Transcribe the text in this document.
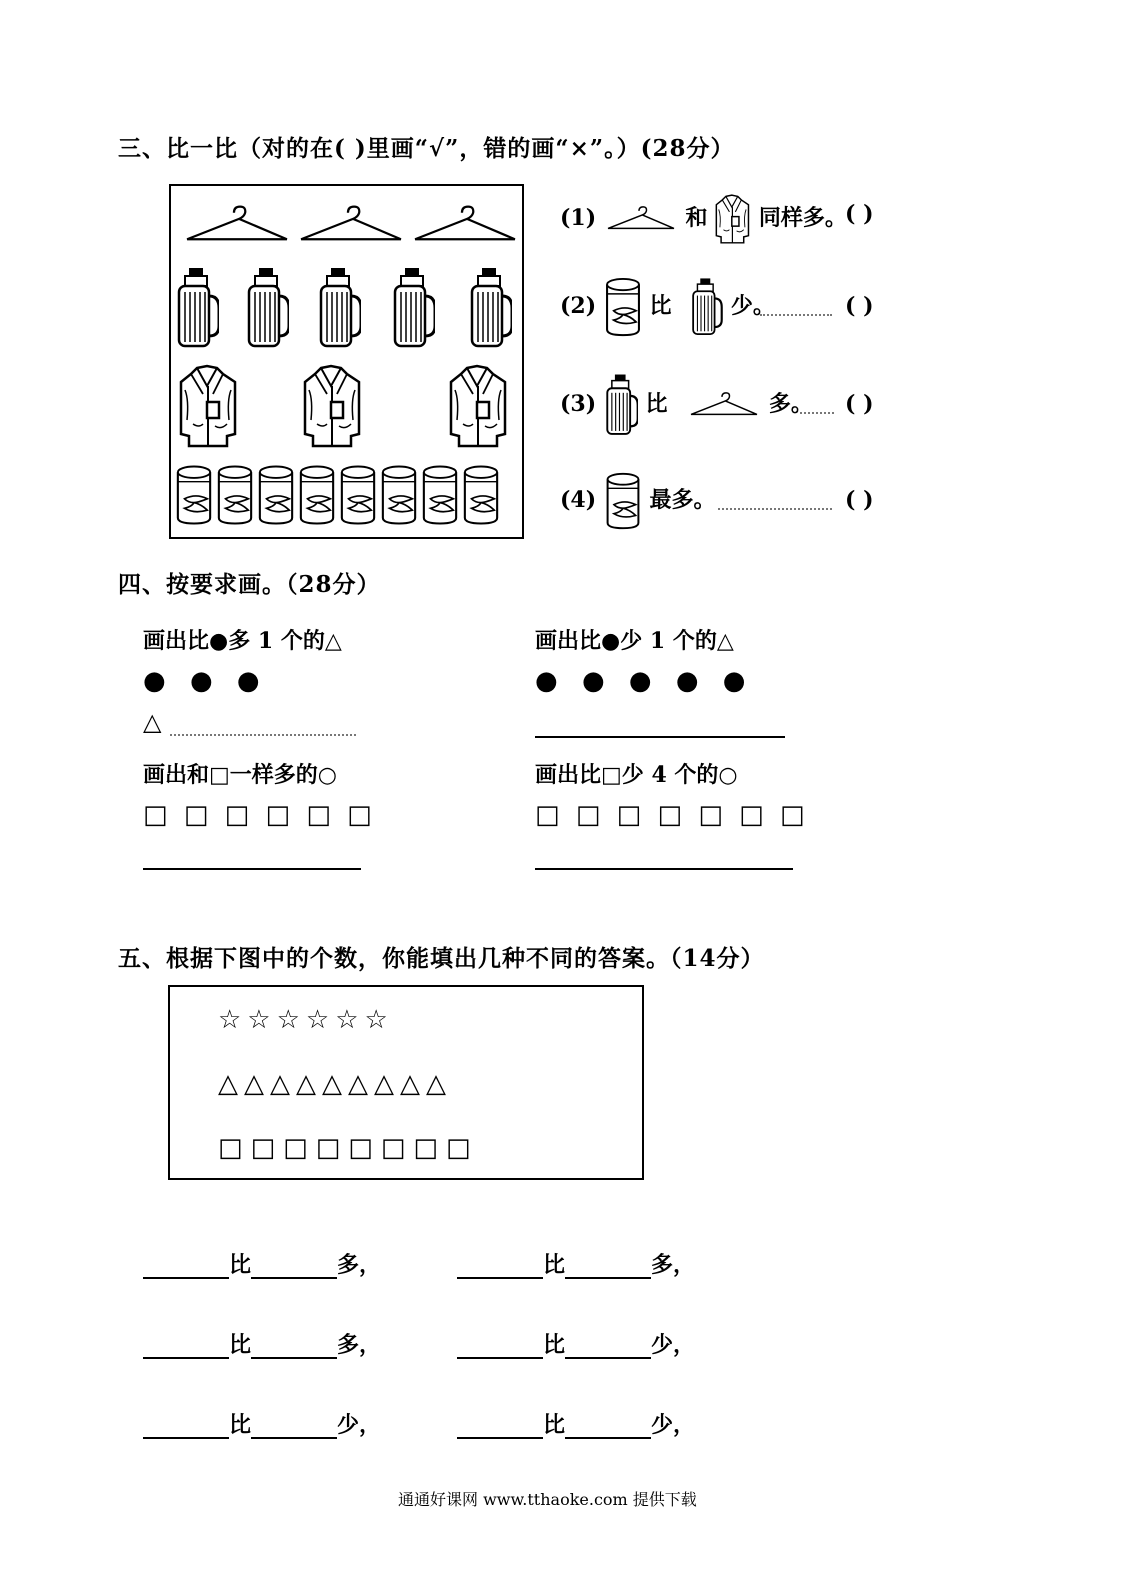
三、比一比（对的在( )里画“√”，错的画“×”。）(28分）
(1)	和 同样多。
( )
(2) 比	少。	( )
(3) 比	多。 ( )
(4) 最多。	( )
四、按要求画。（28分）
画出比●多 1 个的△
● ● ●
△
画出比●少 1 个的△
● ● ● ● ●
画出和□一样多的○
□ □ □ □ □ □
画出比□少 4 个的○
□ □ □ □ □ □ □
五、根据下图中的个数，你能填出几种不同的答案。（14分）
☆☆☆☆☆☆
△△△△△△△△△
□□□□□□□□
比	多，	比	多，
比	多，	比	少，
比	少，	比	少，
通通好课网 www.tthaoke.com 提供下载
